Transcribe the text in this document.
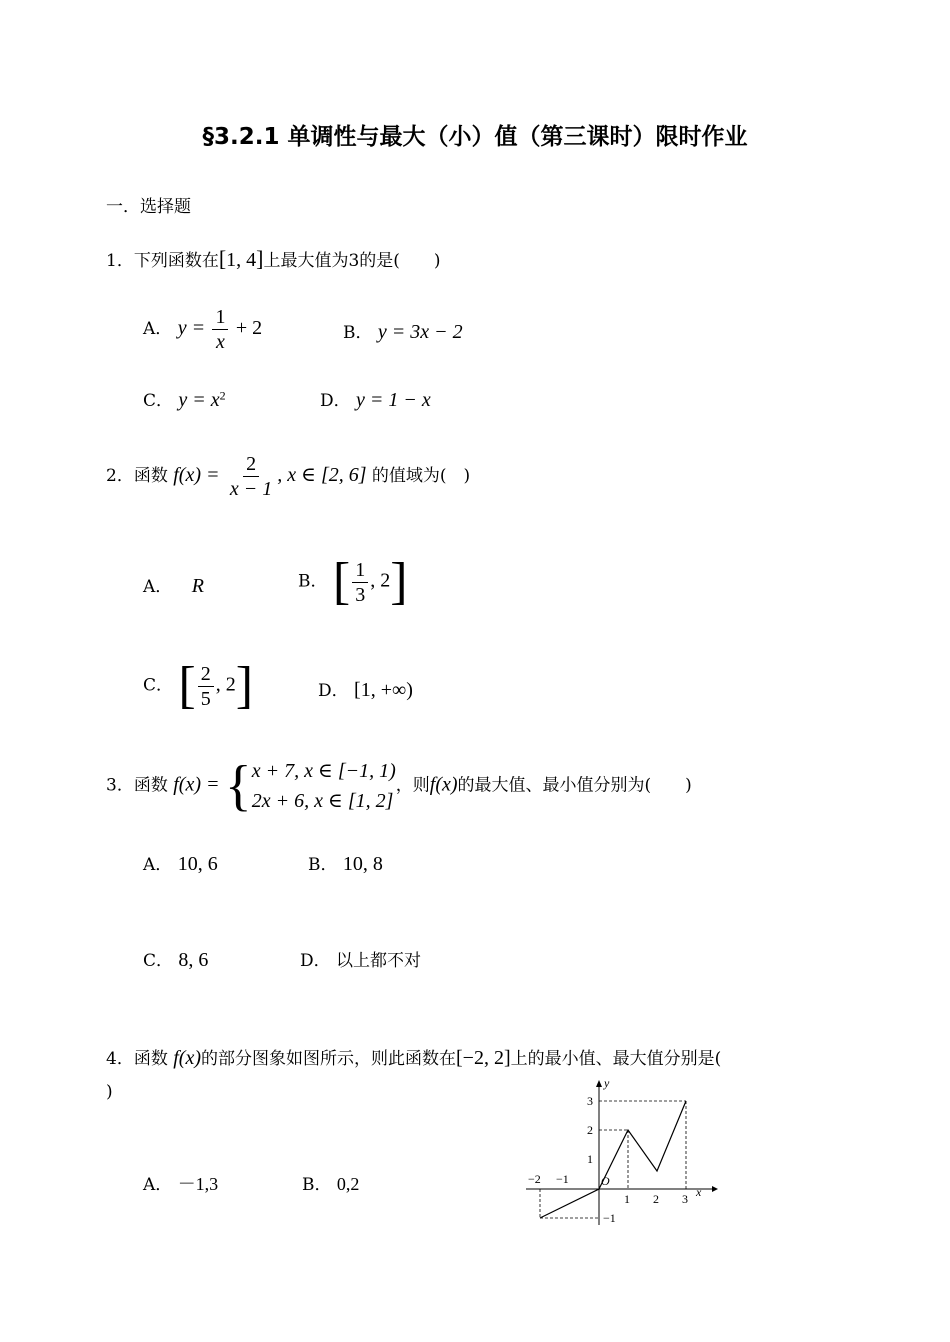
§3.2.1 单调性与最大（小）值（第三课时）限时作业
一．选择题
1．下列函数在[1, 4]上最大值为3的是(　　)
A． $y = \frac{1}{x} + 2$	B． y = 3x − 2
C． $y = x^2$	D． y = 1 − x
2．函数 $f(x) = \frac{2}{x - 1}$ , x ∈ [2, 6] 的值域为(　)
A． R	B． [ $\frac{1}{3}$ , 2]
C． [ $\frac{2}{5}$ , 2]	D． [1, +∞)
3．函数 f(x) = { x + 7, x ∈ [−1, 1)
2x + 6, x ∈ [1, 2]
，则f(x)的最大值、最小值分别为(　　)
A． 10, 6	B． 10, 8
C． 8, 6	D． 以上都不对
4．函数 f(x)的部分图象如图所示，则此函数在[−2, 2]上的最小值、最大值分别是(
)
A． －1,3	B． 0,2
y
x
O
−2 −1
1 2 3
3
2
1
−1
